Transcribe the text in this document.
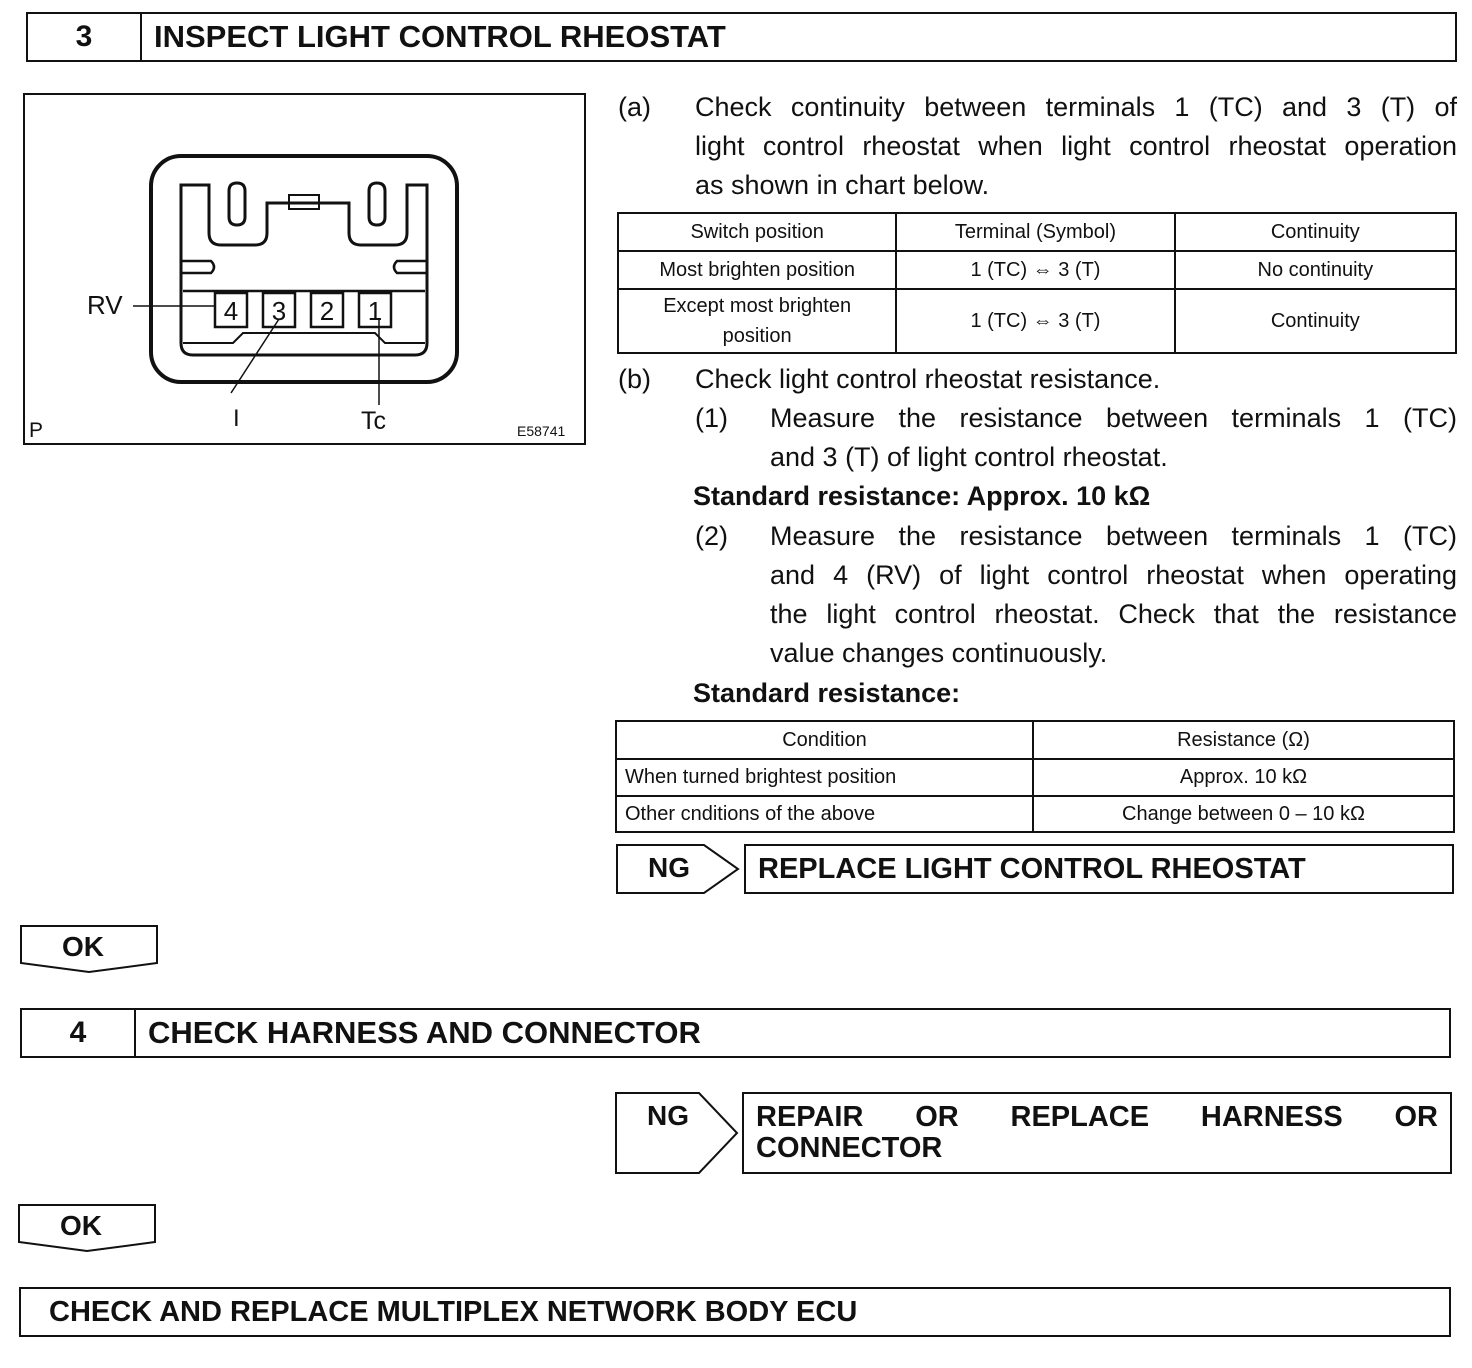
3	INSPECT LIGHT CONTROL RHEOSTAT
4	3	2	1
RV
I	Tc
P	E58741
(a) Check continuity between terminals 1 (TC) and 3 (T) of
light control rheostat when light control rheostat operation
as shown in chart below.
Switch position	Terminal (Symbol)	Continuity
Most brighten position	1 (TC) ⇔ 3 (T)	No continuity

Except most brighten
position	1 (TC) ⇔ 3 (T)	Continuity
(b) Check light control rheostat resistance.
(1) Measure the resistance between terminals 1 (TC)
and 3 (T) of light control rheostat.
Standard resistance: Approx. 10 kΩ
(2) Measure the resistance between terminals 1 (TC)
and 4 (RV) of light control rheostat when operating
the light control rheostat. Check that the resistance
value changes continuously.
Standard resistance:
Condition	Resistance (Ω)
When turned brightest position	Approx. 10 kΩ
Other cnditions of the above	Change between 0 – 10 kΩ
NG	REPLACE LIGHT CONTROL RHEOSTAT
OK
4	CHECK HARNESS AND CONNECTOR
NG REPAIR OR REPLACE HARNESS OR
CONNECTOR
OK
CHECK AND REPLACE MULTIPLEX NETWORK BODY ECU
